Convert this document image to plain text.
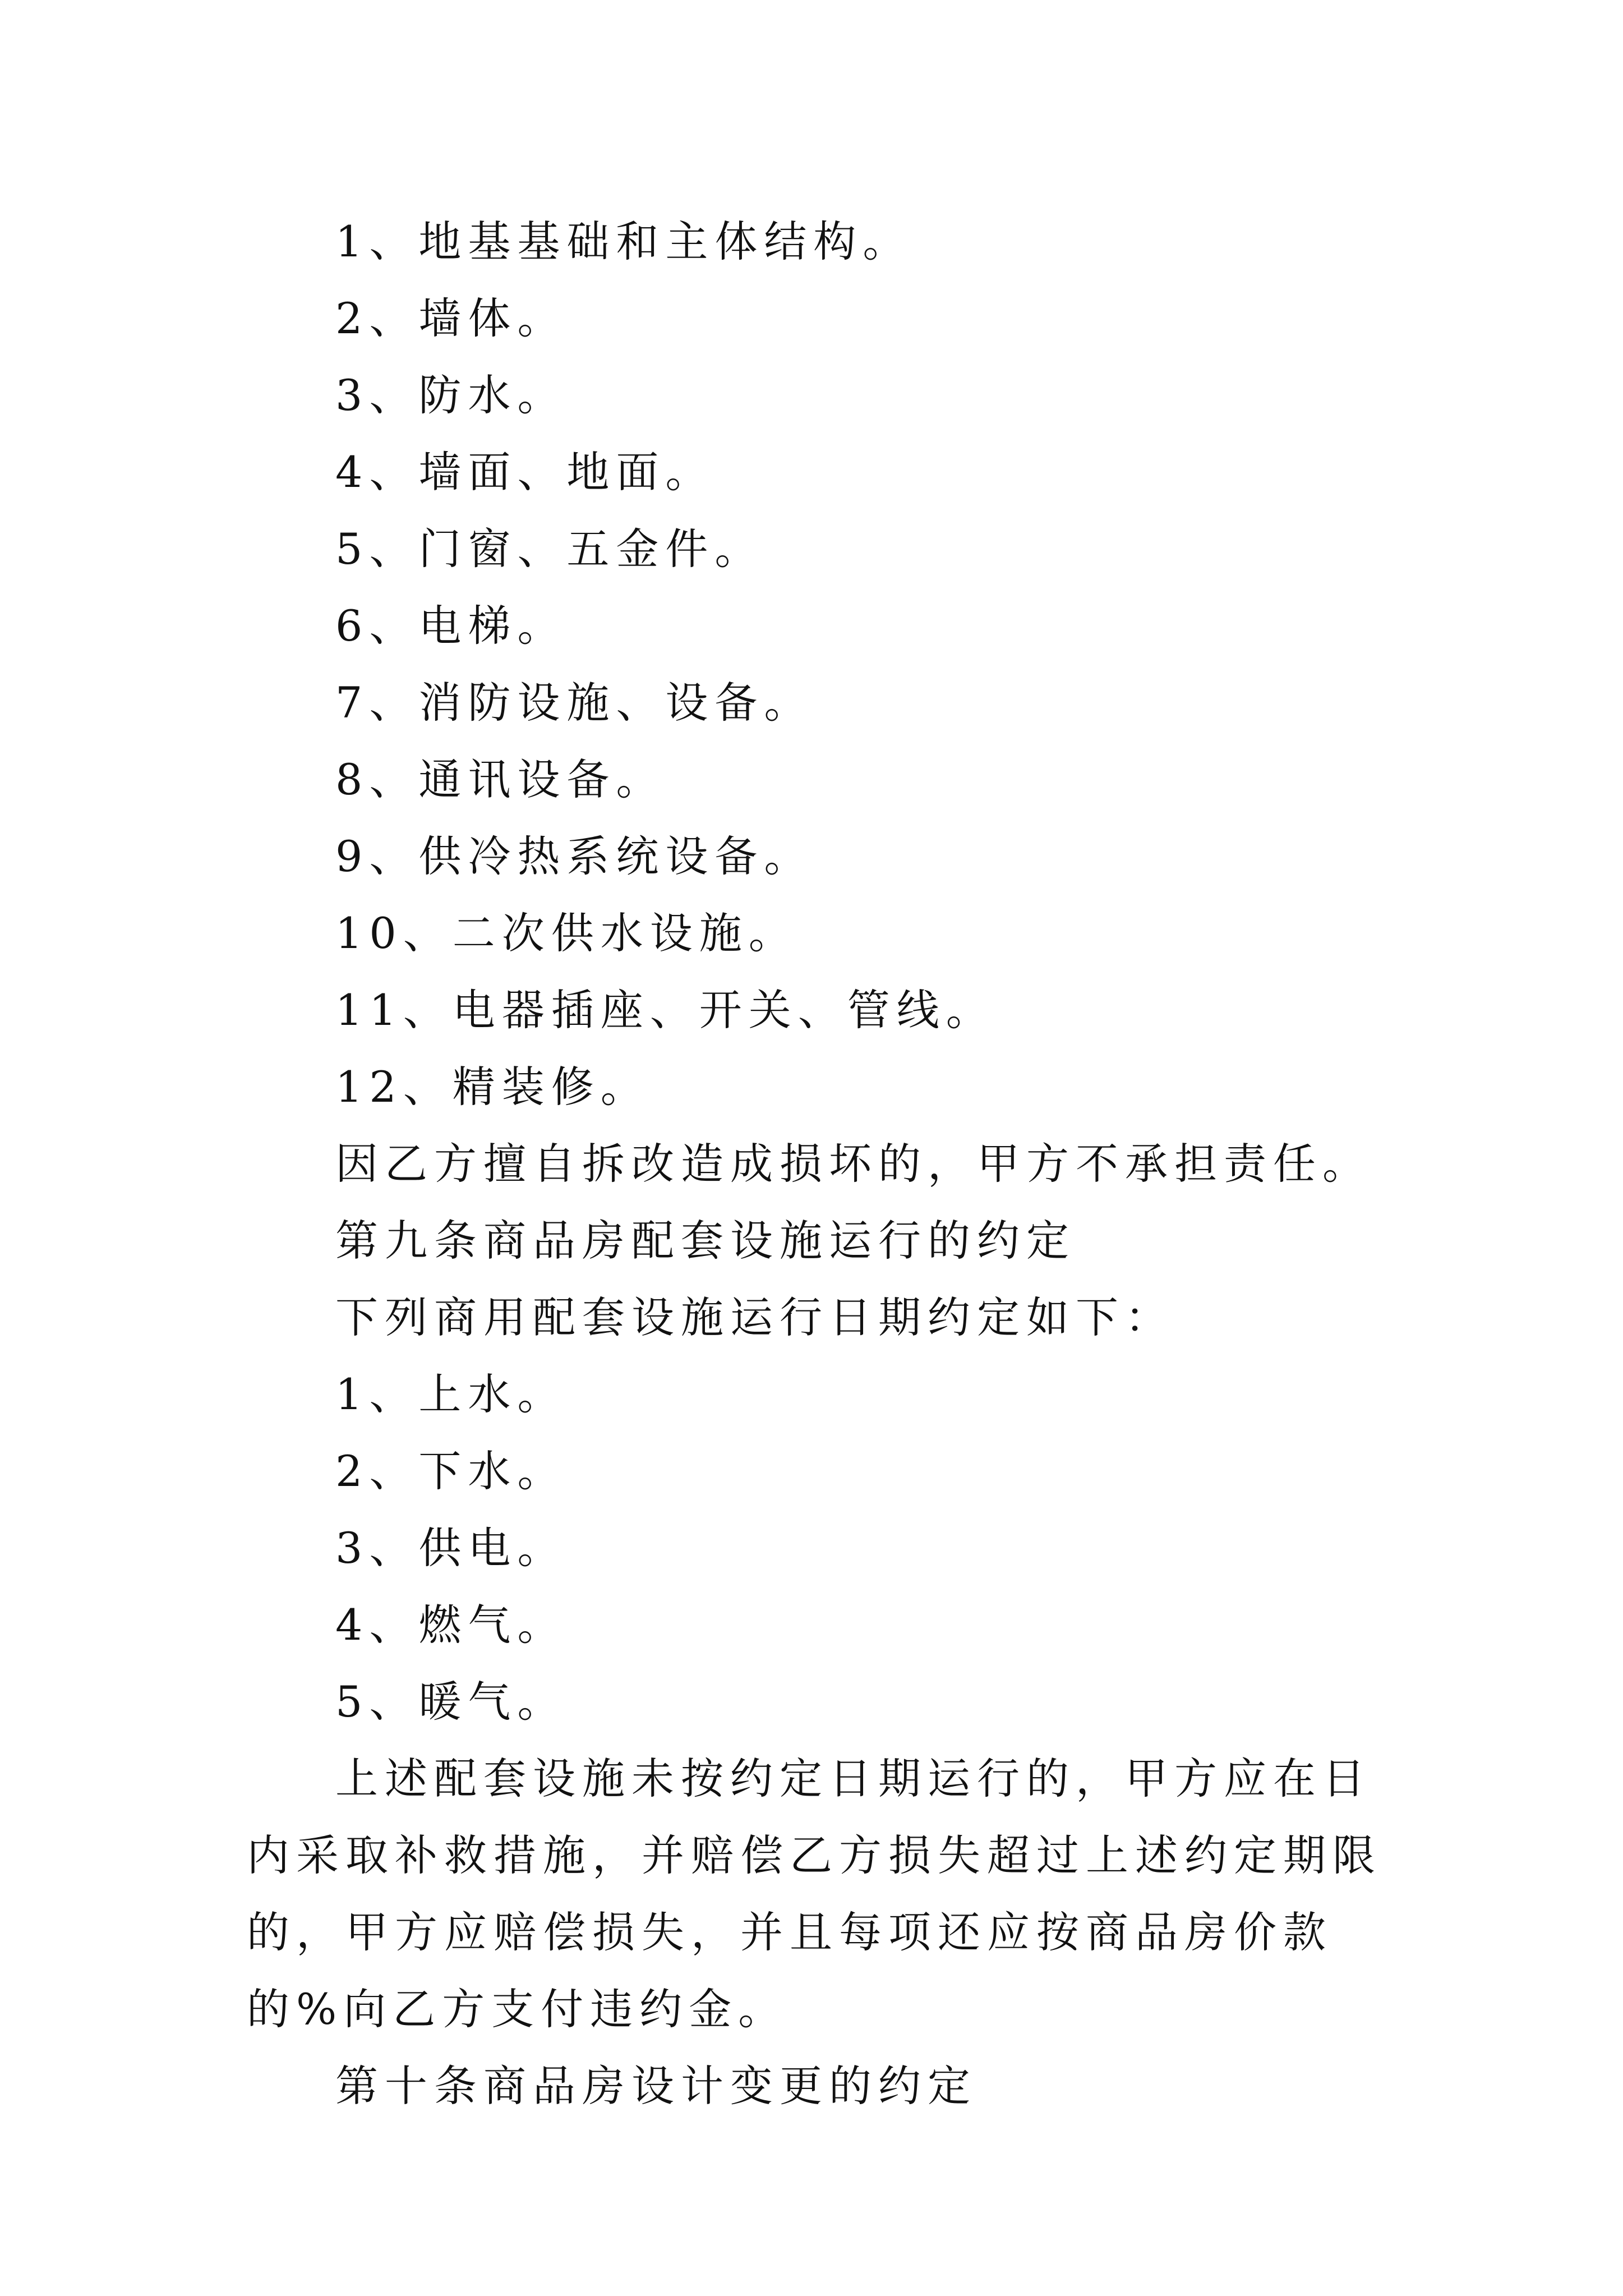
1、地基基础和主体结构。
2、墙体。
3、防水。
4、墙面、地面。
5、门窗、五金件。
6、电梯。
7、消防设施、设备。
8、通讯设备。
9、供冷热系统设备。
10、二次供水设施。
11、电器插座、开关、管线。
12、精装修。
因乙方擅自拆改造成损坏的，甲方不承担责任。
第九条商品房配套设施运行的约定
下列商用配套设施运行日期约定如下：
1、上水。
2、下水。
3、供电。
4、燃气。
5、暖气。
上述配套设施未按约定日期运行的，甲方应在日内采取补救措施，并赔偿乙方损失超过上述约定期限的，甲方应赔偿损失，并且每项还应按商品房价款的%向乙方支付违约金。
第十条商品房设计变更的约定
